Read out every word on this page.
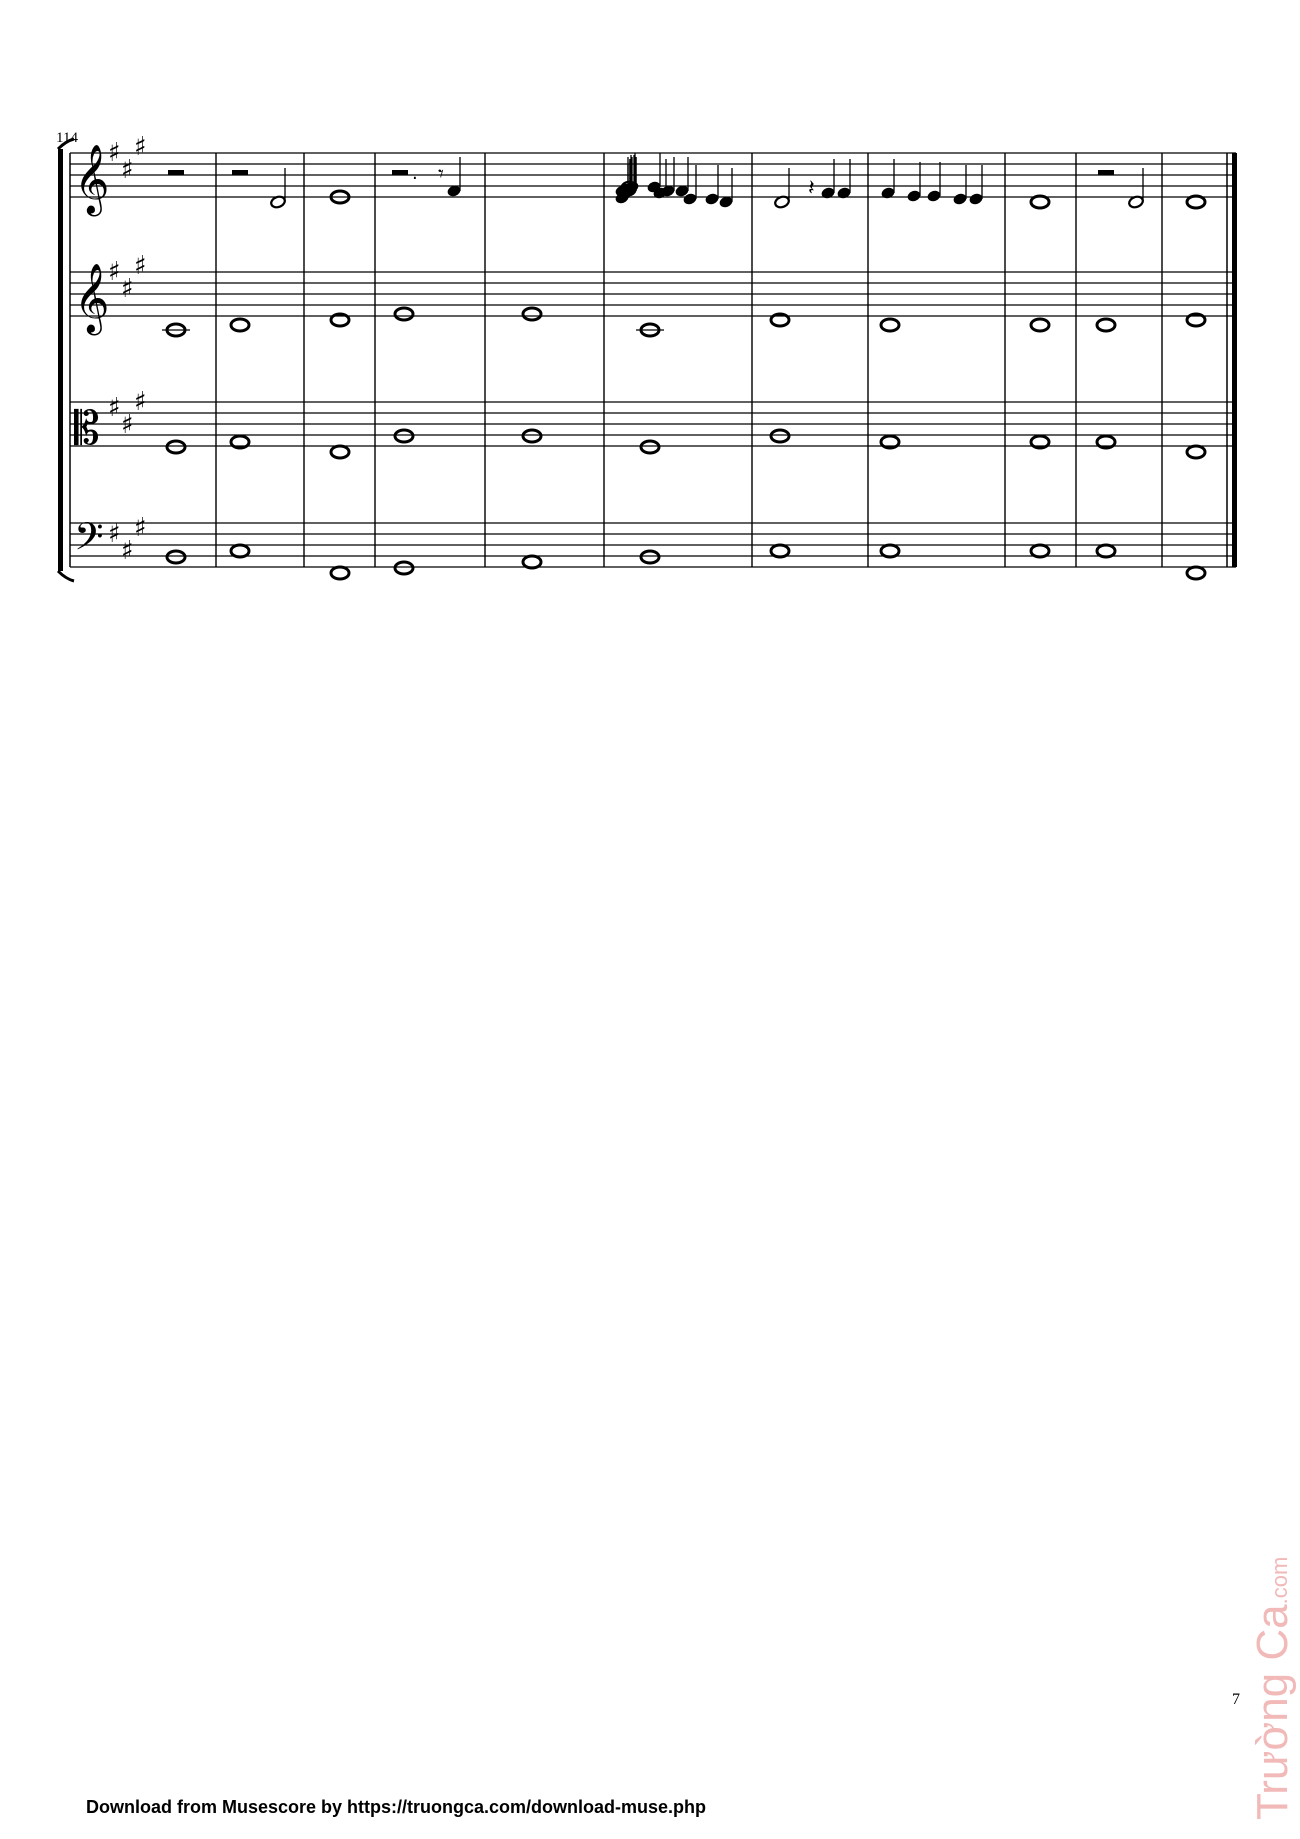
𝄞
𝄞
𝄡
𝄢
♯
♯
♯
♯
♯
♯
♯
♯
♯
♯
♯
♯
. 𝄾
𝄽
114
7
Download from Musescore by https://truongca.com/download-muse.php	Trường Ca.com
